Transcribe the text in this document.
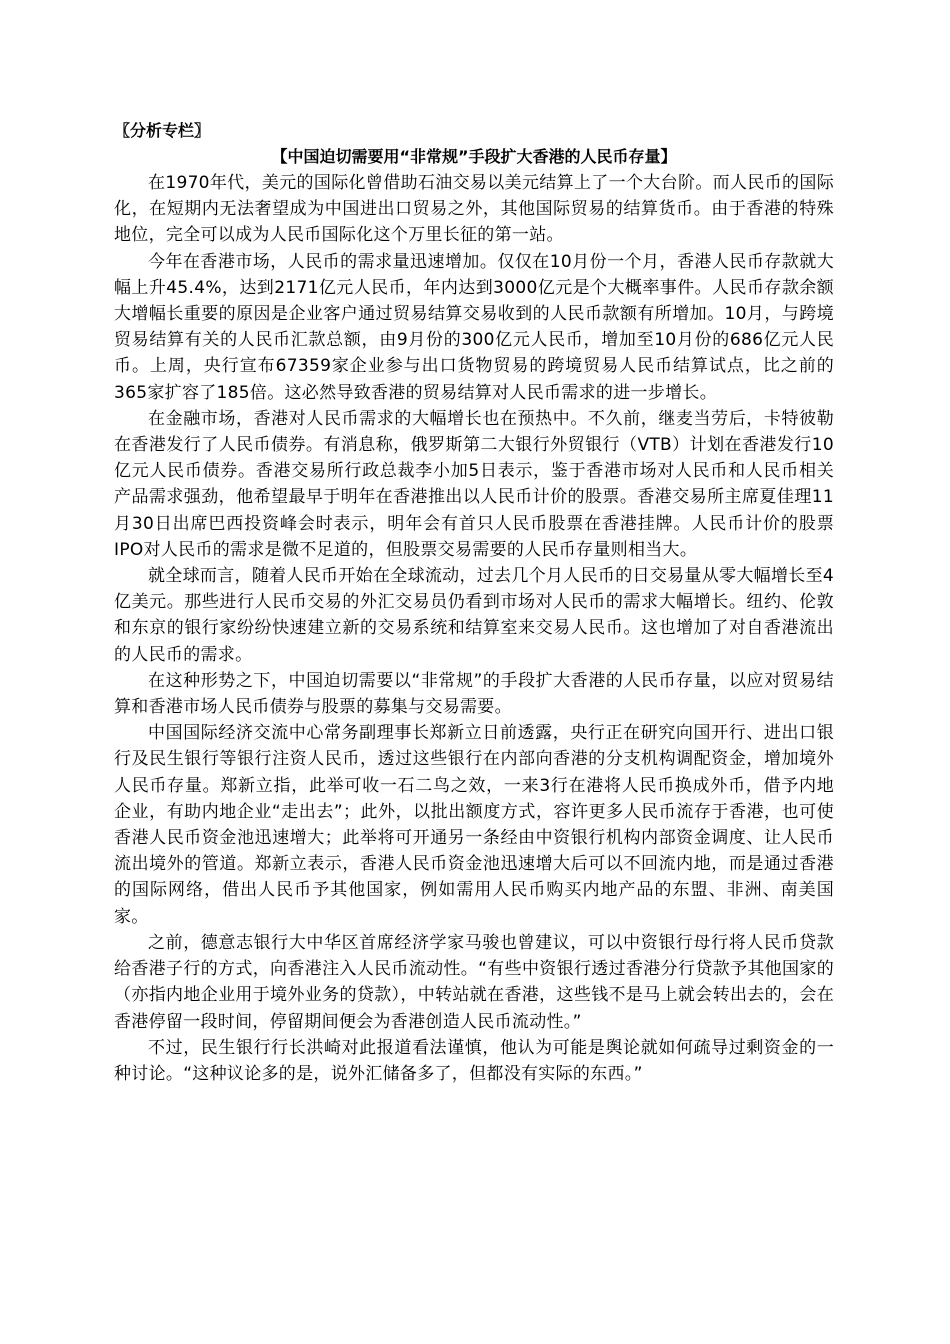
〖分析专栏〗
【中国迫切需要用“非常规”手段扩大香港的人民币存量】

在1970年代，美元的国际化曾借助石油交易以美元结算上了一个大台阶。而人民币的国际化，在短期内无法奢望成为中国进出口贸易之外，其他国际贸易的结算货币。由于香港的特殊地位，完全可以成为人民币国际化这个万里长征的第一站。

今年在香港市场，人民币的需求量迅速增加。仅仅在10月份一个月，香港人民币存款就大幅上升45.4%，达到2171亿元人民币，年内达到3000亿元是个大概率事件。人民币存款余额大增幅长重要的原因是企业客户通过贸易结算交易收到的人民币款额有所增加。10月，与跨境贸易结算有关的人民币汇款总额，由9月份的300亿元人民币，增加至10月份的686亿元人民币。上周，央行宣布67359家企业参与出口货物贸易的跨境贸易人民币结算试点，比之前的365家扩容了185倍。这必然导致香港的贸易结算对人民币需求的进一步增长。

在金融市场，香港对人民币需求的大幅增长也在预热中。不久前，继麦当劳后，卡特彼勒在香港发行了人民币债券。有消息称，俄罗斯第二大银行外贸银行（VTB）计划在香港发行10亿元人民币债券。香港交易所行政总裁李小加5日表示，鉴于香港市场对人民币和人民币相关产品需求强劲，他希望最早于明年在香港推出以人民币计价的股票。香港交易所主席夏佳理11月30日出席巴西投资峰会时表示，明年会有首只人民币股票在香港挂牌。人民币计价的股票IPO对人民币的需求是微不足道的，但股票交易需要的人民币存量则相当大。

就全球而言，随着人民币开始在全球流动，过去几个月人民币的日交易量从零大幅增长至4亿美元。那些进行人民币交易的外汇交易员仍看到市场对人民币的需求大幅增长。纽约、伦敦和东京的银行家纷纷快速建立新的交易系统和结算室来交易人民币。这也增加了对自香港流出的人民币的需求。

在这种形势之下，中国迫切需要以“非常规”的手段扩大香港的人民币存量，以应对贸易结算和香港市场人民币债券与股票的募集与交易需要。

中国国际经济交流中心常务副理事长郑新立日前透露，央行正在研究向国开行、进出口银行及民生银行等银行注资人民币，透过这些银行在内部向香港的分支机构调配资金，增加境外人民币存量。郑新立指，此举可收一石二鸟之效，一来3行在港将人民币换成外币，借予内地企业，有助内地企业“走出去”；此外，以批出额度方式，容许更多人民币流存于香港，也可使香港人民币资金池迅速增大；此举将可开通另一条经由中资银行机构内部资金调度、让人民币流出境外的管道。郑新立表示，香港人民币资金池迅速增大后可以不回流内地，而是通过香港的国际网络，借出人民币予其他国家，例如需用人民币购买内地产品的东盟、非洲、南美国家。

之前，德意志银行大中华区首席经济学家马骏也曾建议，可以中资银行母行将人民币贷款给香港子行的方式，向香港注入人民币流动性。“有些中资银行透过香港分行贷款予其他国家的（亦指内地企业用于境外业务的贷款），中转站就在香港，这些钱不是马上就会转出去的，会在香港停留一段时间，停留期间便会为香港创造人民币流动性。”

不过，民生银行行长洪崎对此报道看法谨慎，他认为可能是舆论就如何疏导过剩资金的一种讨论。“这种议论多的是，说外汇储备多了，但都没有实际的东西。”
